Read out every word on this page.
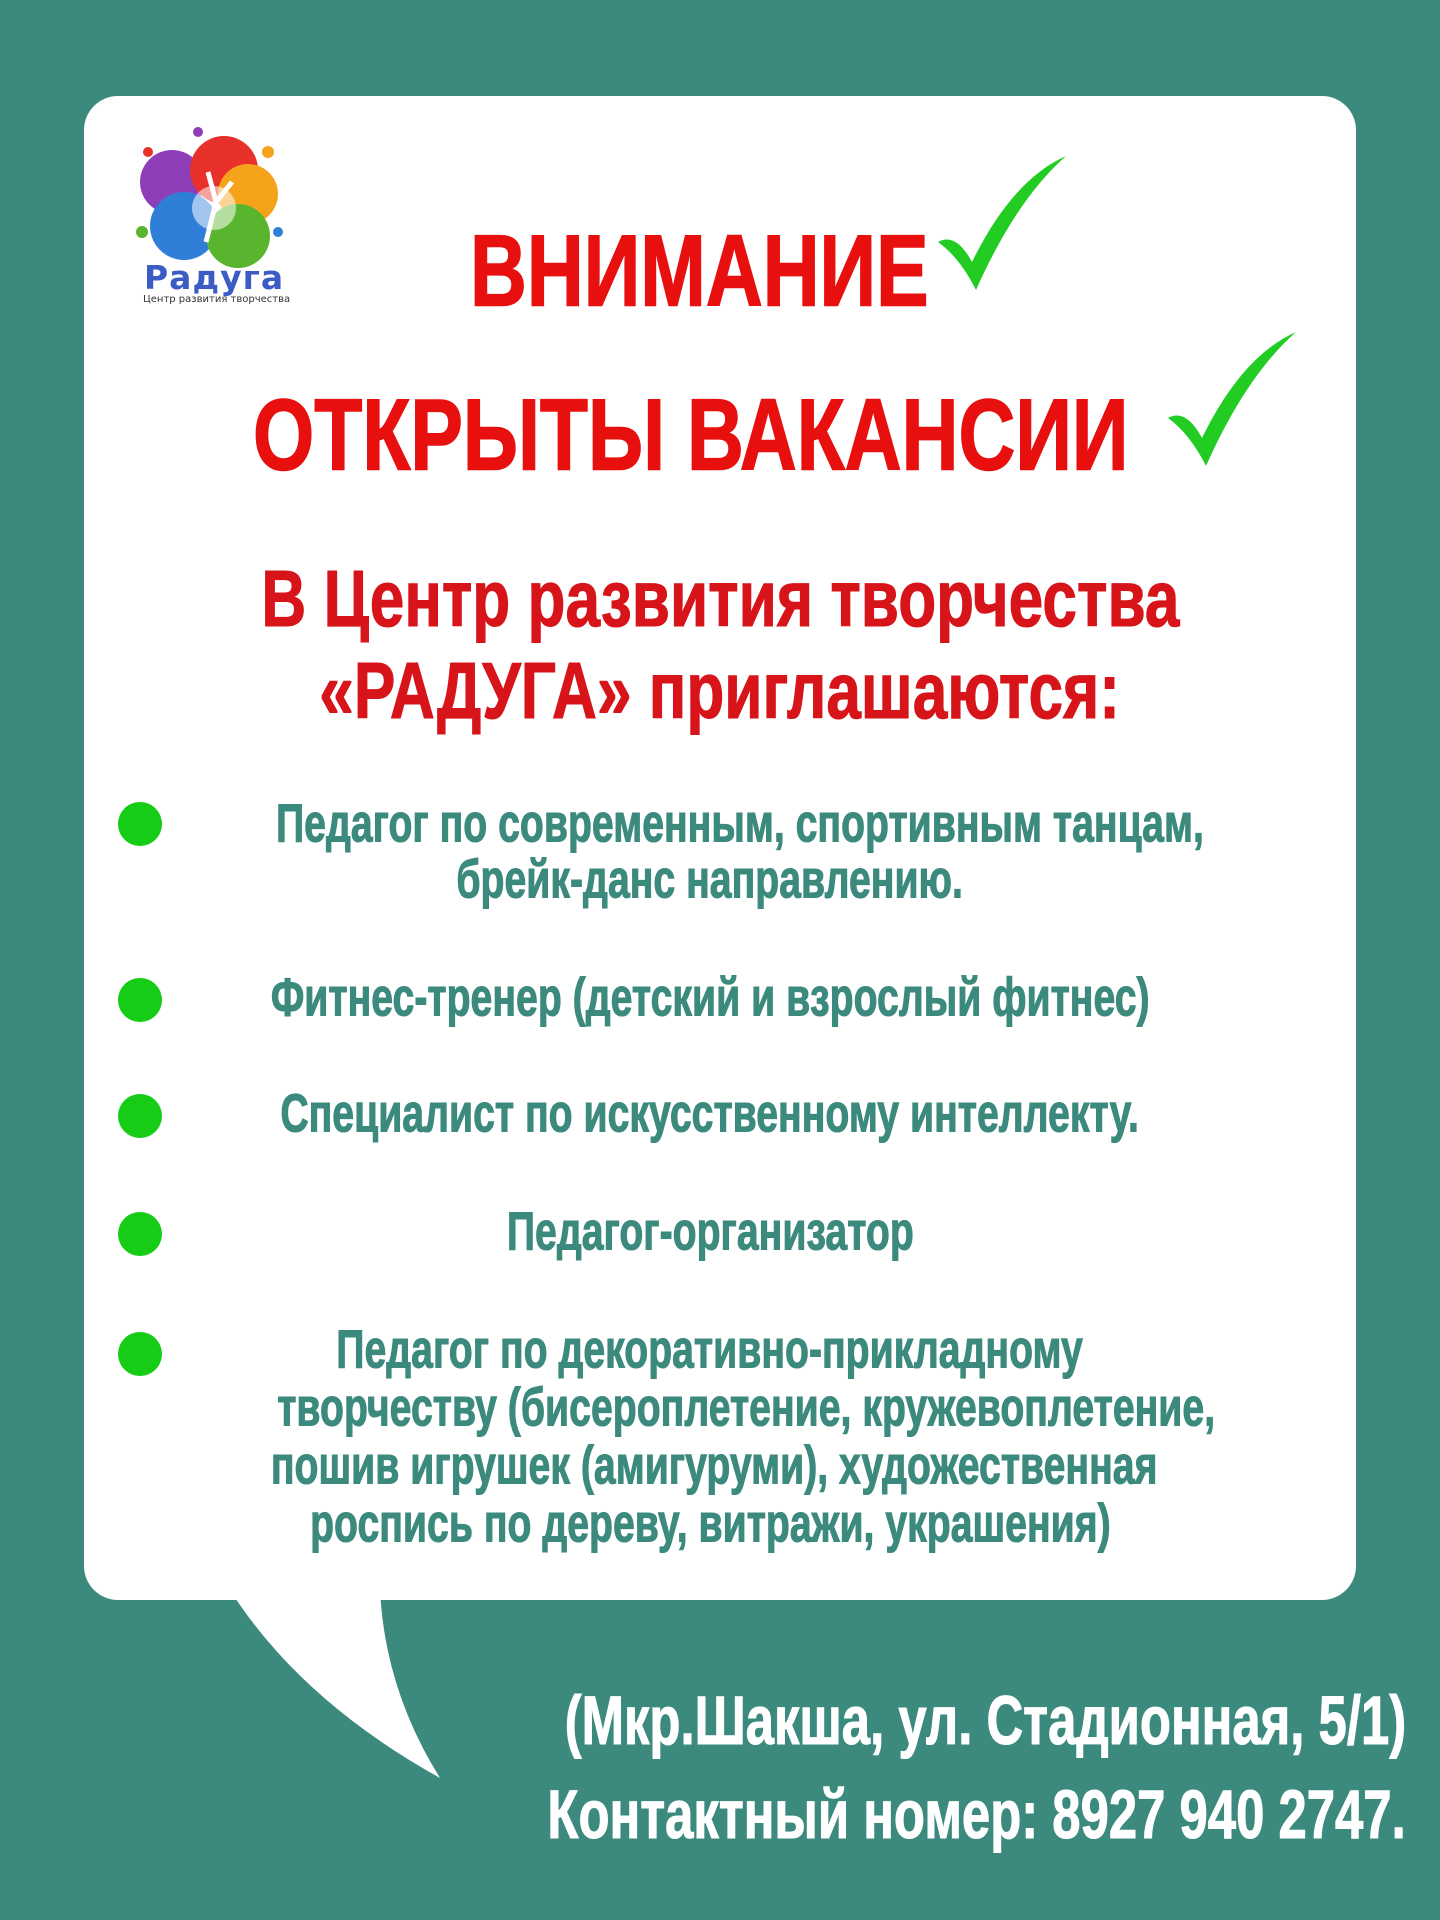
Радуга
Центр развития творчества ВНИМАНИЕ
ОТКРЫТЫ ВАКАНСИИ
В Центр развития творчества
«РАДУГА» приглашаются:
Педагог по современным, спортивным танцам,
брейк-данс направлению.
Фитнес-тренер (детский и взрослый фитнес)
Специалист по искусственному интеллекту.
Педагог-организатор
Педагог по декоративно-прикладному
творчеству (бисероплетение, кружевоплетение,
пошив игрушек (амигуруми), художественная
роспись по дереву, витражи, украшения)
(Мкр.Шакша, ул. Стадионная, 5/1)
Контактный номер: 8927 940 2747.
